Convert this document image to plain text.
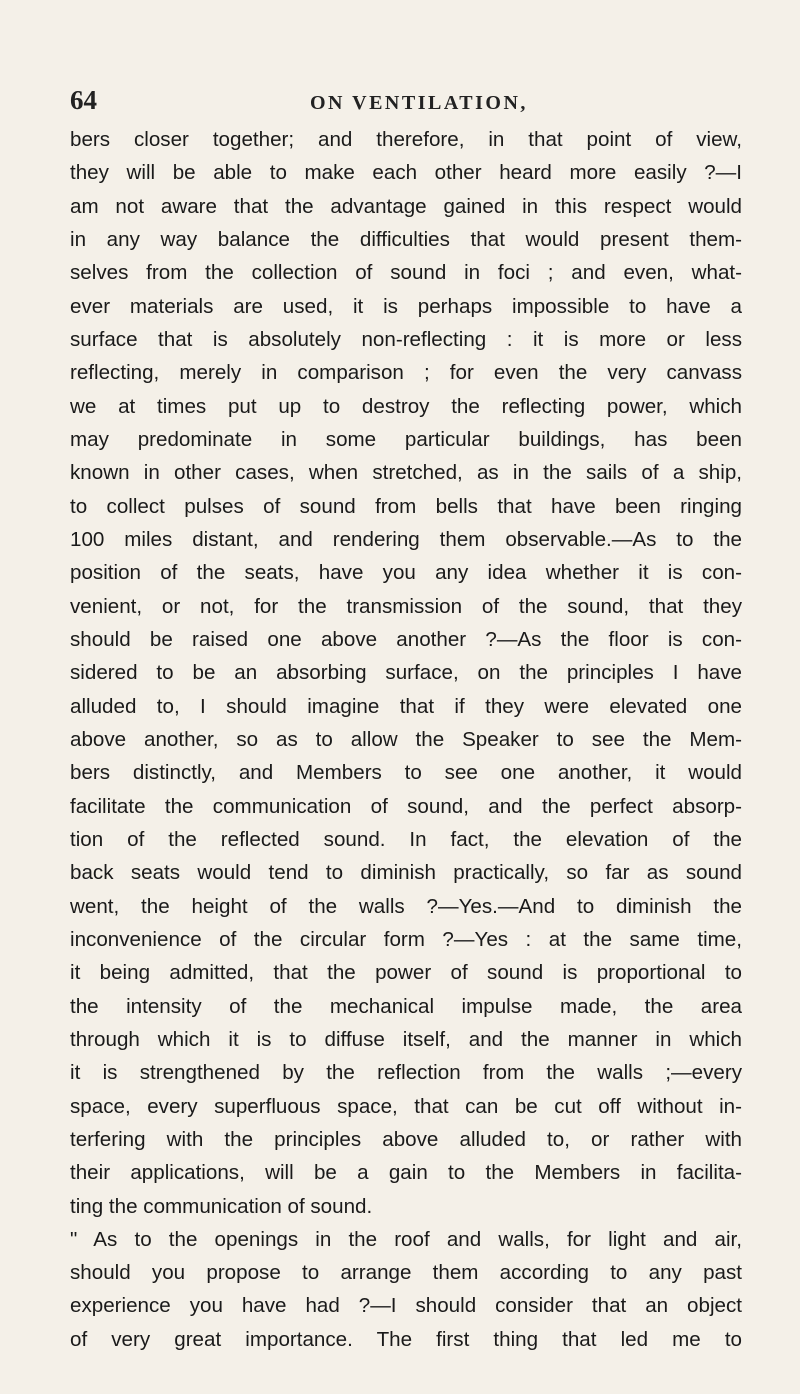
64	ON VENTILATION,
bers closer together; and therefore, in that point of view,
they will be able to make each other heard more easily ?—I
am not aware that the advantage gained in this respect would
in any way balance the difficulties that would present them-
selves from the collection of sound in foci ; and even, what-
ever materials are used, it is perhaps impossible to have a
surface that is absolutely non-reflecting : it is more or less
reflecting, merely in comparison ; for even the very canvass
we at times put up to destroy the reflecting power, which
may predominate in some particular buildings, has been
known in other cases, when stretched, as in the sails of a ship,
to collect pulses of sound from bells that have been ringing
100 miles distant, and rendering them observable.—As to the
position of the seats, have you any idea whether it is con-
venient, or not, for the transmission of the sound, that they
should be raised one above another ?—As the floor is con-
sidered to be an absorbing surface, on the principles I have
alluded to, I should imagine that if they were elevated one
above another, so as to allow the Speaker to see the Mem-
bers distinctly, and Members to see one another, it would
facilitate the communication of sound, and the perfect absorp-
tion of the reflected sound. In fact, the elevation of the
back seats would tend to diminish practically, so far as sound
went, the height of the walls ?—Yes.—And to diminish the
inconvenience of the circular form ?—Yes : at the same time,
it being admitted, that the power of sound is proportional to
the intensity of the mechanical impulse made, the area
through which it is to diffuse itself, and the manner in which
it is strengthened by the reflection from the walls ;—every
space, every superfluous space, that can be cut off without in-
terfering with the principles above alluded to, or rather with
their applications, will be a gain to the Members in facilita-
ting the communication of sound.
" As to the openings in the roof and walls, for light and air,
should you propose to arrange them according to any past
experience you have had ?—I should consider that an object
of very great importance. The first thing that led me to
